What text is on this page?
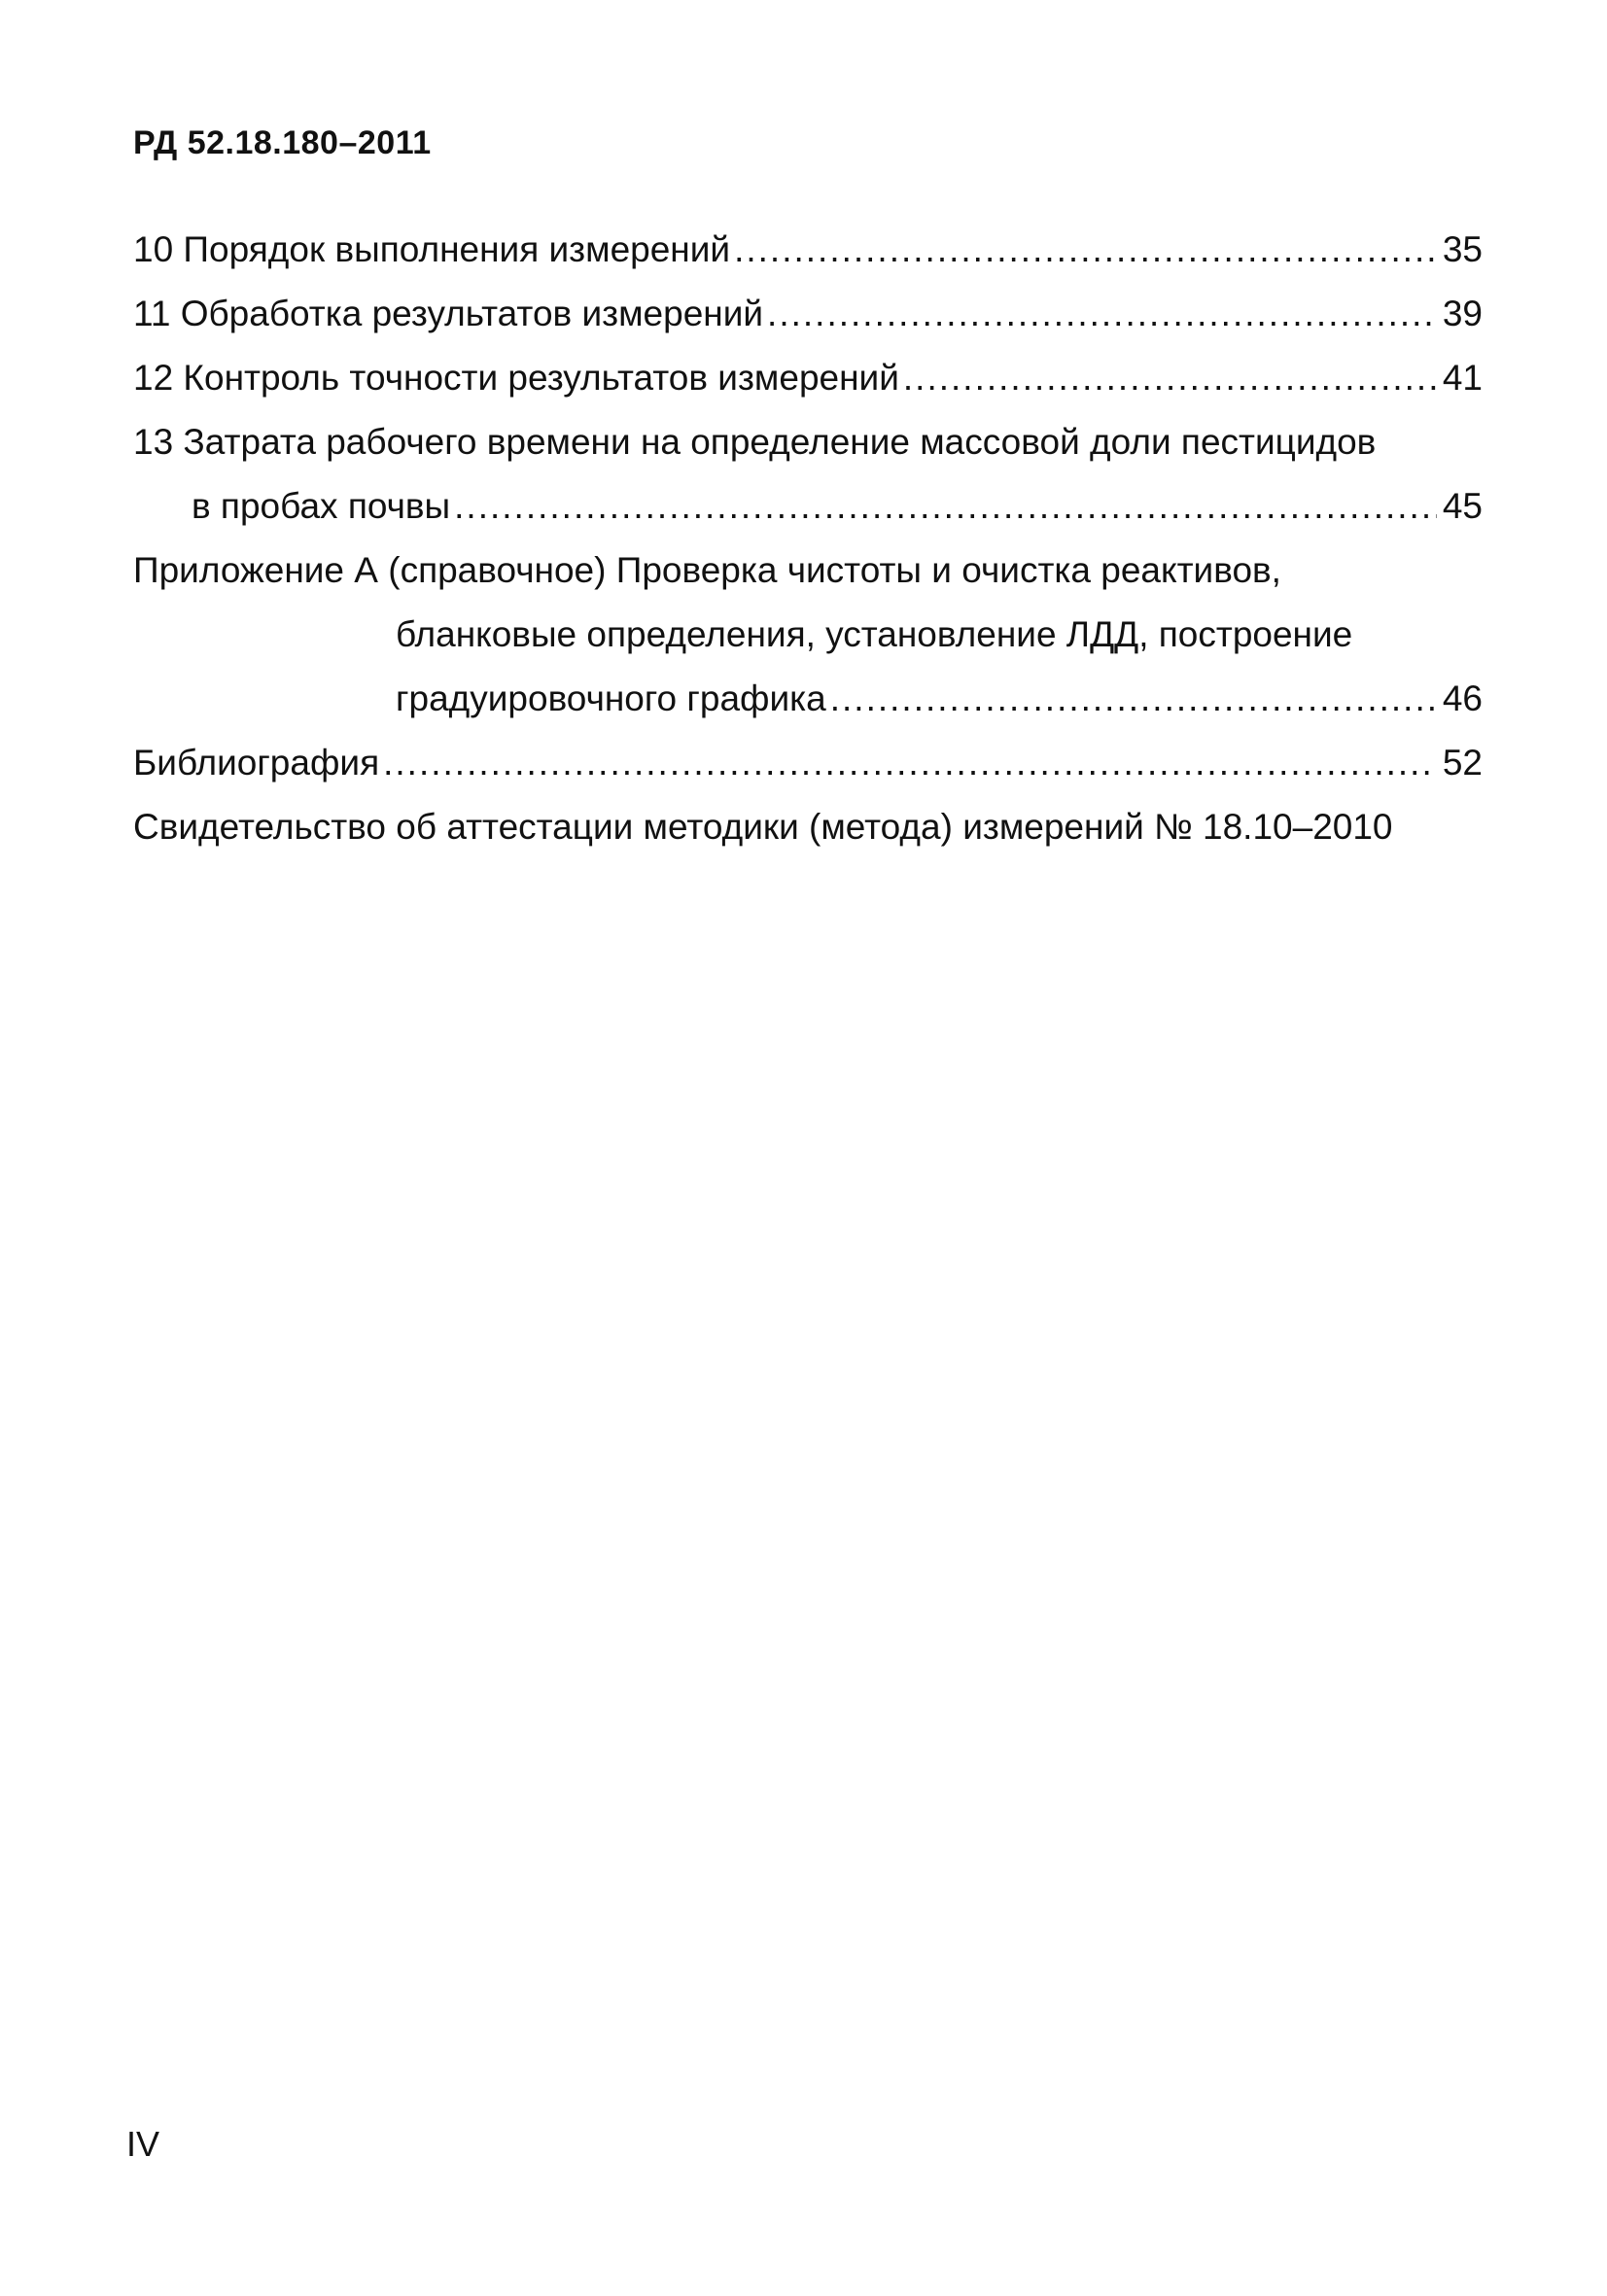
РД 52.18.180–2011
10 Порядок выполнения измерений .....	35
11 Обработка результатов измерений .....	39
12 Контроль точности результатов измерений .....	41
13 Затрата рабочего времени на определение массовой доли пестицидов
в пробах почвы .....	45
Приложение А (справочное) Проверка чистоты и очистка реактивов,
бланковые определения, установление ЛДД, построение
градуировочного графика .....	46
Библиография .....	52
Свидетельство об аттестации методики (метода) измерений № 18.10–2010
IV
